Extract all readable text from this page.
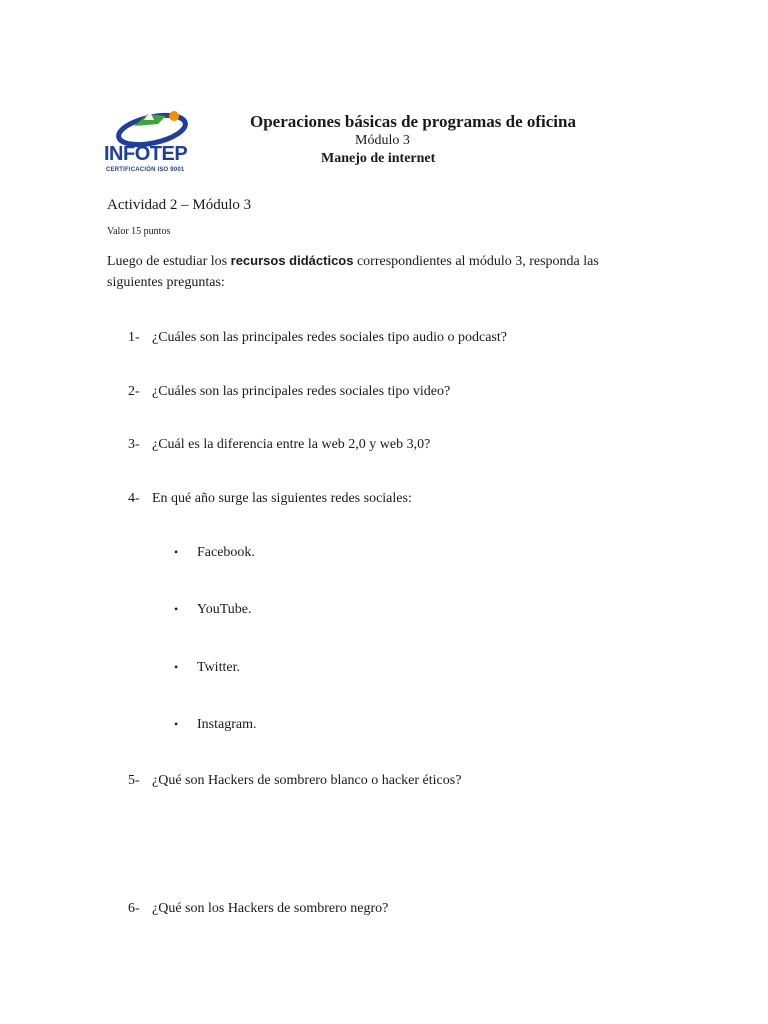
INFOTEP
CERTIFICACIÓN ISO 9001
Operaciones básicas de programas de oficina
Módulo 3
Manejo de internet
Actividad 2 – Módulo 3
Valor 15 puntos
Luego de estudiar los recursos didácticos correspondientes al módulo 3, responda las siguientes preguntas:
1- ¿Cuáles son las principales redes sociales tipo audio o podcast?
2- ¿Cuáles son las principales redes sociales tipo video?
3- ¿Cuál es la diferencia entre la web 2,0 y web 3,0?
4- En qué año surge las siguientes redes sociales:
• Facebook.
• YouTube.
• Twitter.
• Instagram.
5- ¿Qué son Hackers de sombrero blanco o hacker éticos?
6- ¿Qué son los Hackers de sombrero negro?
